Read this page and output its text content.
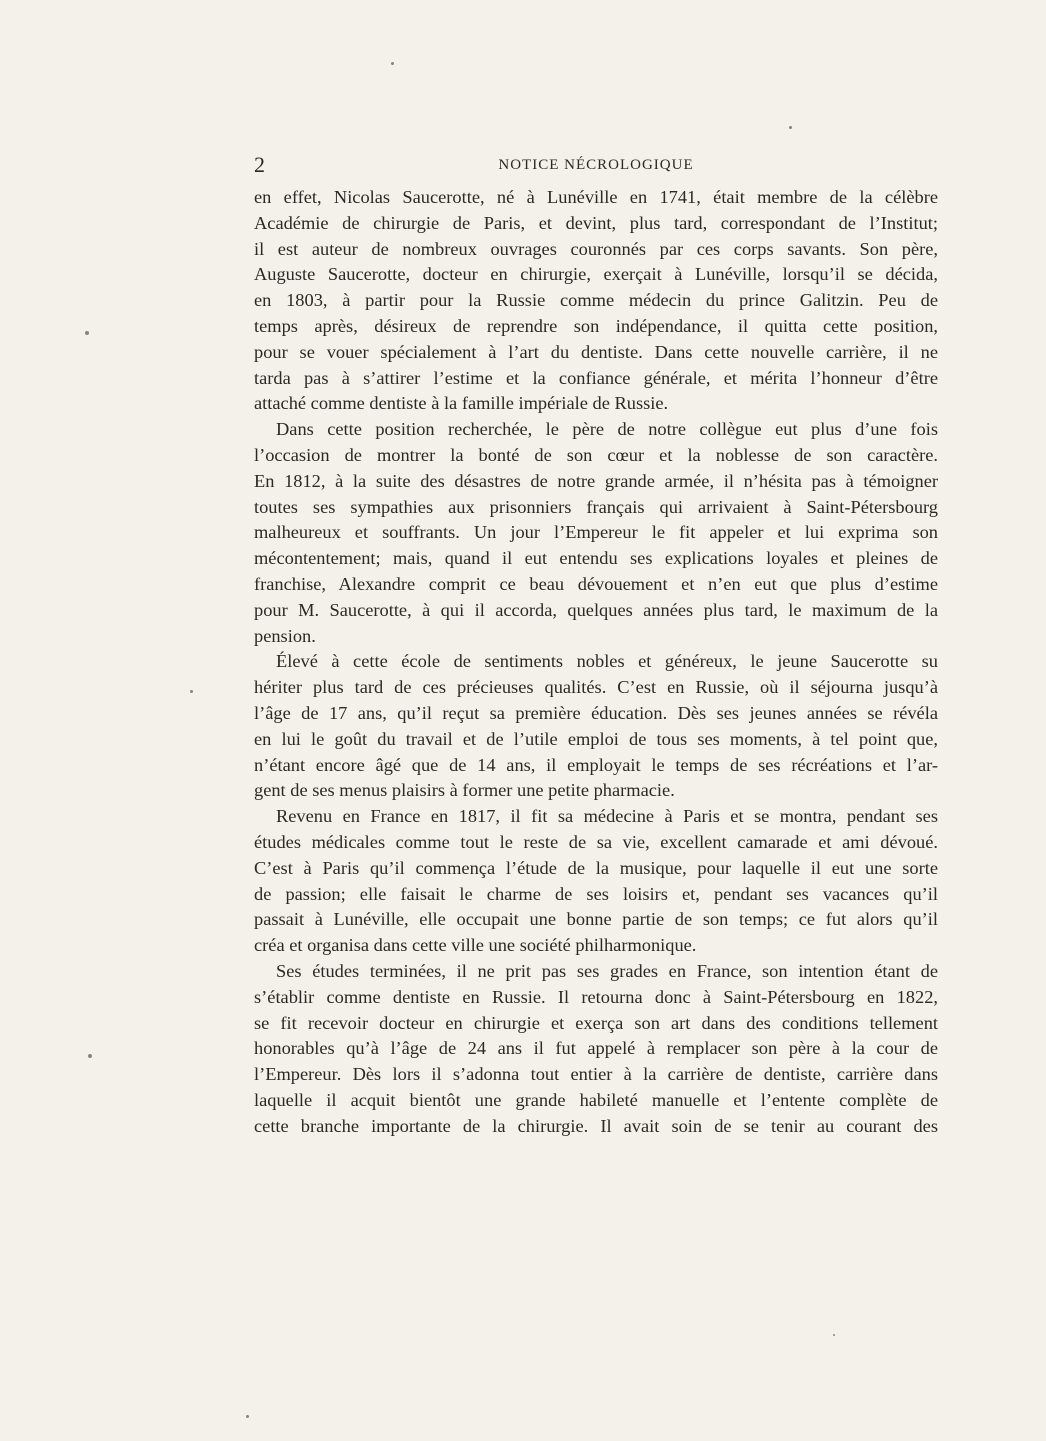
2	NOTICE NÉCROLOGIQUE
en effet, Nicolas Saucerotte, né à Lunéville en 1741, était membre de la célèbre
Académie de chirurgie de Paris, et devint, plus tard, correspondant de l’Institut;
il est auteur de nombreux ouvrages couronnés par ces corps savants. Son père,
Auguste Saucerotte, docteur en chirurgie, exerçait à Lunéville, lorsqu’il se décida,
en 1803, à partir pour la Russie comme médecin du prince Galitzin. Peu de
temps après, désireux de reprendre son indépendance, il quitta cette position,
pour se vouer spécialement à l’art du dentiste. Dans cette nouvelle carrière, il ne
tarda pas à s’attirer l’estime et la confiance générale, et mérita l’honneur d’être
attaché comme dentiste à la famille impériale de Russie.
Dans cette position recherchée, le père de notre collègue eut plus d’une fois
l’occasion de montrer la bonté de son cœur et la noblesse de son caractère.
En 1812, à la suite des désastres de notre grande armée, il n’hésita pas à témoigner
toutes ses sympathies aux prisonniers français qui arrivaient à Saint-Pétersbourg
malheureux et souffrants. Un jour l’Empereur le fit appeler et lui exprima son
mécontentement; mais, quand il eut entendu ses explications loyales et pleines de
franchise, Alexandre comprit ce beau dévouement et n’en eut que plus d’estime
pour M. Saucerotte, à qui il accorda, quelques années plus tard, le maximum de la
pension.
Élevé à cette école de sentiments nobles et généreux, le jeune Saucerotte su
hériter plus tard de ces précieuses qualités. C’est en Russie, où il séjourna jusqu’à
l’âge de 17 ans, qu’il reçut sa première éducation. Dès ses jeunes années se révéla
en lui le goût du travail et de l’utile emploi de tous ses moments, à tel point que,
n’étant encore âgé que de 14 ans, il employait le temps de ses récréations et l’ar-
gent de ses menus plaisirs à former une petite pharmacie.
Revenu en France en 1817, il fit sa médecine à Paris et se montra, pendant ses
études médicales comme tout le reste de sa vie, excellent camarade et ami dévoué.
C’est à Paris qu’il commença l’étude de la musique, pour laquelle il eut une sorte
de passion; elle faisait le charme de ses loisirs et, pendant ses vacances qu’il
passait à Lunéville, elle occupait une bonne partie de son temps; ce fut alors qu’il
créa et organisa dans cette ville une société philharmonique.
Ses études terminées, il ne prit pas ses grades en France, son intention étant de
s’établir comme dentiste en Russie. Il retourna donc à Saint-Pétersbourg en 1822,
se fit recevoir docteur en chirurgie et exerça son art dans des conditions tellement
honorables qu’à l’âge de 24 ans il fut appelé à remplacer son père à la cour de
l’Empereur. Dès lors il s’adonna tout entier à la carrière de dentiste, carrière dans
laquelle il acquit bientôt une grande habileté manuelle et l’entente complète de
cette branche importante de la chirurgie. Il avait soin de se tenir au courant des
